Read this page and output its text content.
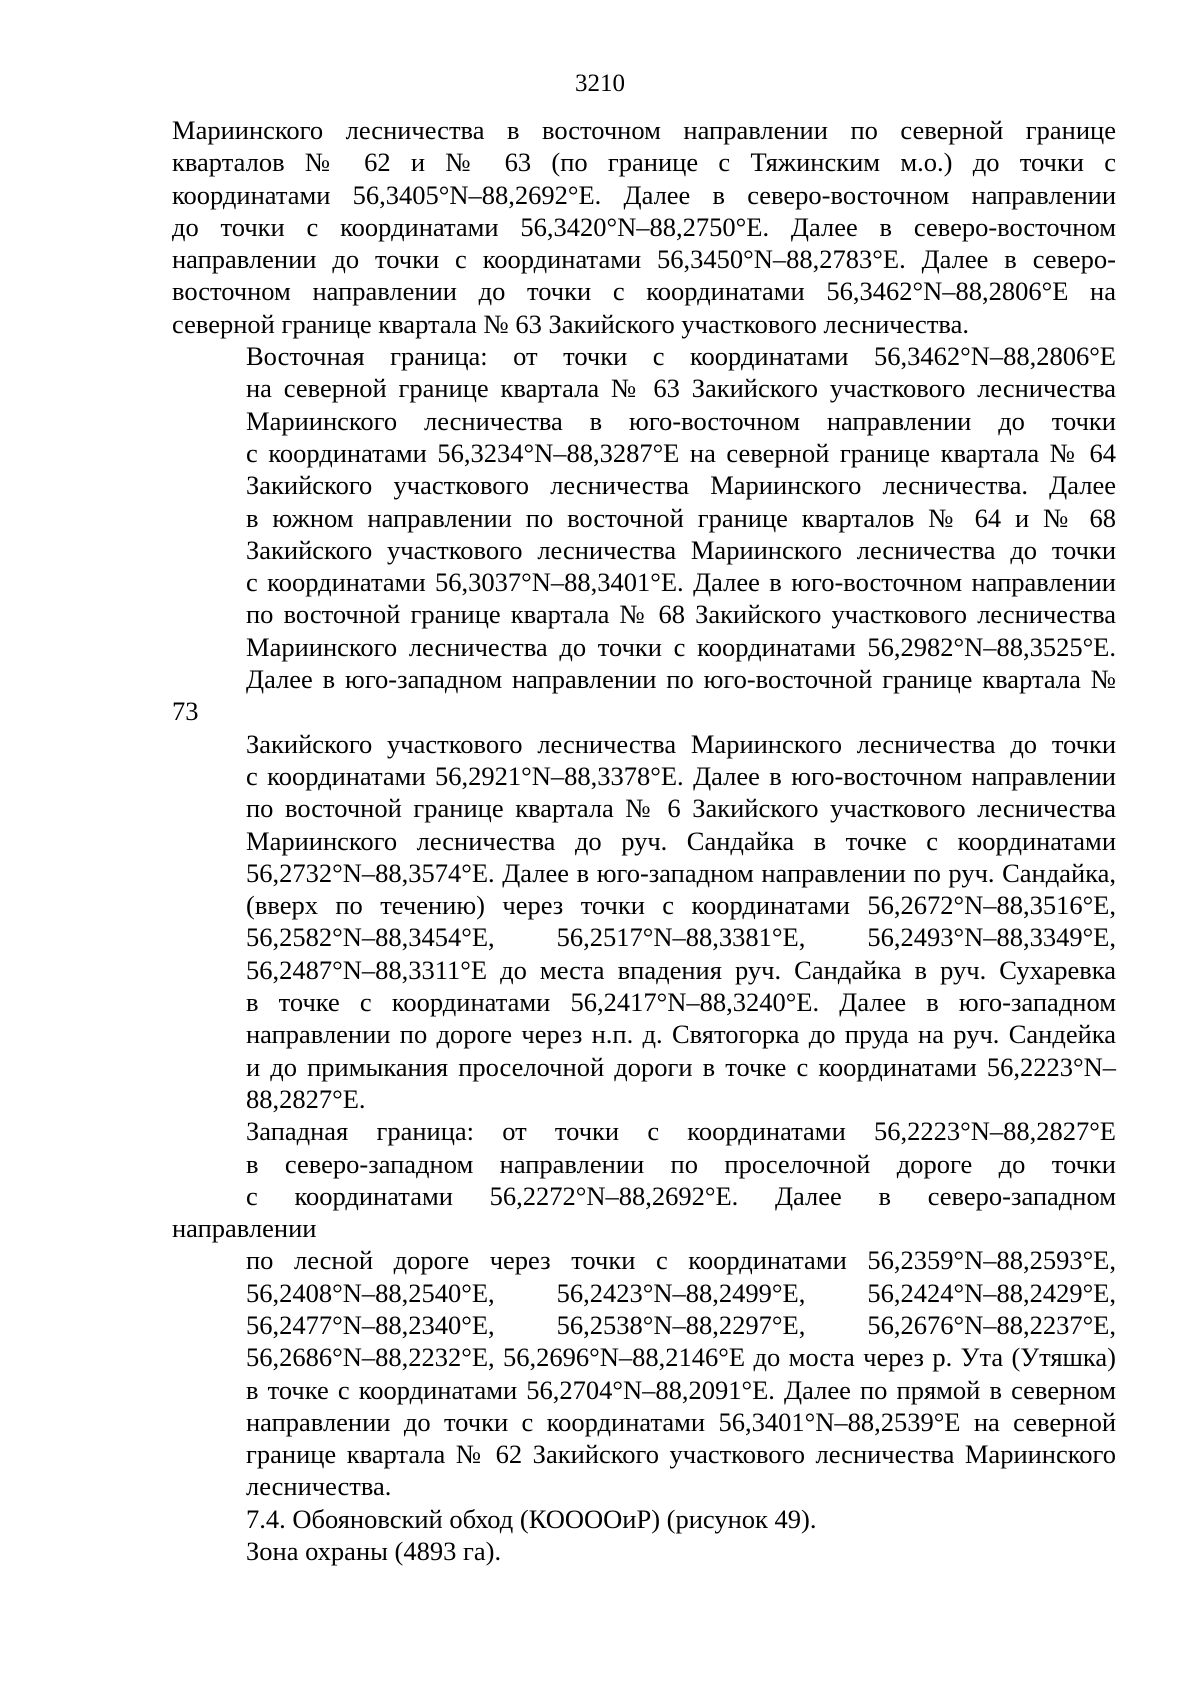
3210
Мариинского лесничества в восточном направлении по северной границе
кварталов № 62 и № 63 (по границе с Тяжинским м.о.) до точки с
координатами 56,3405°N–88,2692°E. Далее в северо-восточном направлении
до точки с координатами 56,3420°N–88,2750°E. Далее в северо-восточном
направлении до точки с координатами 56,3450°N–88,2783°E. Далее в северо-
восточном направлении до точки с координатами 56,3462°N–88,2806°E на
северной границе квартала № 63 Закийского участкового лесничества.
Восточная граница: от точки с координатами 56,3462°N–88,2806°E
на северной границе квартала № 63 Закийского участкового лесничества
Мариинского лесничества в юго-восточном направлении до точки
с координатами 56,3234°N–88,3287°E на северной границе квартала № 64
Закийского участкового лесничества Мариинского лесничества. Далее
в южном направлении по восточной границе кварталов № 64 и № 68
Закийского участкового лесничества Мариинского лесничества до точки
с координатами 56,3037°N–88,3401°E. Далее в юго-восточном направлении
по восточной границе квартала № 68 Закийского участкового лесничества
Мариинского лесничества до точки с координатами 56,2982°N–88,3525°E.
Далее в юго-западном направлении по юго-восточной границе квартала № 73
Закийского участкового лесничества Мариинского лесничества до точки
с координатами 56,2921°N–88,3378°E. Далее в юго-восточном направлении
по восточной границе квартала № 6 Закийского участкового лесничества
Мариинского лесничества до руч. Сандайка в точке с координатами
56,2732°N–88,3574°E. Далее в юго-западном направлении по руч. Сандайка,
(вверх по течению) через точки с координатами 56,2672°N–88,3516°E,
56,2582°N–88,3454°E, 56,2517°N–88,3381°E, 56,2493°N–88,3349°E,
56,2487°N–88,3311°E до места впадения руч. Сандайка в руч. Сухаревка
в точке с координатами 56,2417°N–88,3240°E. Далее в юго-западном
направлении по дороге через н.п. д. Святогорка до пруда на руч. Сандейка
и до примыкания проселочной дороги в точке с координатами 56,2223°N–
88,2827°E.
Западная граница: от точки с координатами 56,2223°N–88,2827°E
в северо-западном направлении по проселочной дороге до точки
с координатами 56,2272°N–88,2692°E. Далее в северо-западном направлении
по лесной дороге через точки с координатами 56,2359°N–88,2593°E,
56,2408°N–88,2540°E, 56,2423°N–88,2499°E, 56,2424°N–88,2429°E,
56,2477°N–88,2340°E, 56,2538°N–88,2297°E, 56,2676°N–88,2237°E,
56,2686°N–88,2232°E, 56,2696°N–88,2146°E до моста через р. Ута (Утяшка)
в точке с координатами 56,2704°N–88,2091°E. Далее по прямой в северном
направлении до точки с координатами 56,3401°N–88,2539°E на северной
границе квартала № 62 Закийского участкового лесничества Мариинского
лесничества.
7.4. Обояновский обход (КООООиР) (рисунок 49).
Зона охраны (4893 га).
